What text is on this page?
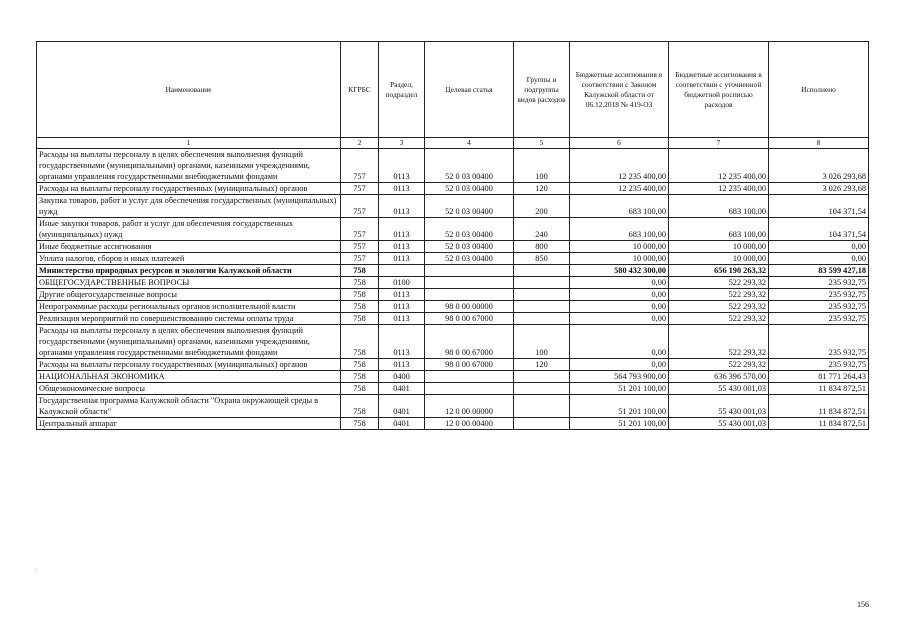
Наименование	КГРБС	Раздел, подраздел	Целевая статья	Группы и подгруппы видов расходов	Бюджетные ассигнования в соответствии с Законом Калужской области от 06.12.2018 № 419-ОЗ	Бюджетные ассигнования в соответствии с уточненной бюджетной росписью расходов	Исполнено
1	2	3	4	5	6	7	8
Расходы на выплаты персоналу в целях обеспечения выполнения функций государственными (муниципальными) органами, казенными учреждениями, органами управления государственными внебюджетными фондами	757	0113	52 0 03 00400	100	12 235 400,00	12 235 400,00	3 026 293,68
Расходы на выплаты персоналу государственных (муниципальных) органов	757	0113	52 0 03 00400	120	12 235 400,00	12 235 400,00	3 026 293,68
Закупка товаров, работ и услуг для обеспечения государственных (муниципальных) нужд	757	0113	52 0 03 00400	200	683 100,00	683 100,00	104 371,54
Иные закупки товаров, работ и услуг для обеспечения государственных (муниципальных) нужд	757	0113	52 0 03 00400	240	683 100,00	683 100,00	104 371,54
Иные бюджетные ассигнования	757	0113	52 0 03 00400	800	10 000,00	10 000,00	0,00
Уплата налогов, сборов и иных платежей	757	0113	52 0 03 00400	850	10 000,00	10 000,00	0,00
Министерство природных ресурсов и экологии Калужской области	758				580 432 300,00	656 190 263,32	83 599 427,18
ОБЩЕГОСУДАРСТВЕННЫЕ ВОПРОСЫ	758	0100			0,00	522 293,32	235 932,75
Другие общегосударственные вопросы	758	0113			0,00	522 293,32	235 932,75
Непрограммные расходы региональных органов исполнительной власти	758	0113	98 0 00 00000		0,00	522 293,32	235 932,75
Реализация мероприятий по совершенствованию системы оплаты труда	758	0113	98 0 00 67000		0,00	522 293,32	235 932,75
Расходы на выплаты персоналу в целях обеспечения выполнения функций государственными (муниципальными) органами, казенными учреждениями, органами управления государственными внебюджетными фондами	758	0113	98 0 00 67000	100	0,00	522 293,32	235 932,75
Расходы на выплаты персоналу государственных (муниципальных) органов	758	0113	98 0 00 67000	120	0,00	522 293,32	235 932,75
НАЦИОНАЛЬНАЯ ЭКОНОМИКА	758	0400			564 793 900,00	636 396 570,00	81 771 264,43
Общеэкономические вопросы	758	0401			51 201 100,00	55 430 001,03	11 834 872,51
Государственная программа Калужской области "Охрана окружающей среды в Калужской области"	758	0401	12 0 00 00000		51 201 100,00	55 430 001,03	11 834 872,51
Центральный аппарат	758	0401	12 0 00 00400		51 201 100,00	55 430 001,03	11 834 872,51
156
.
